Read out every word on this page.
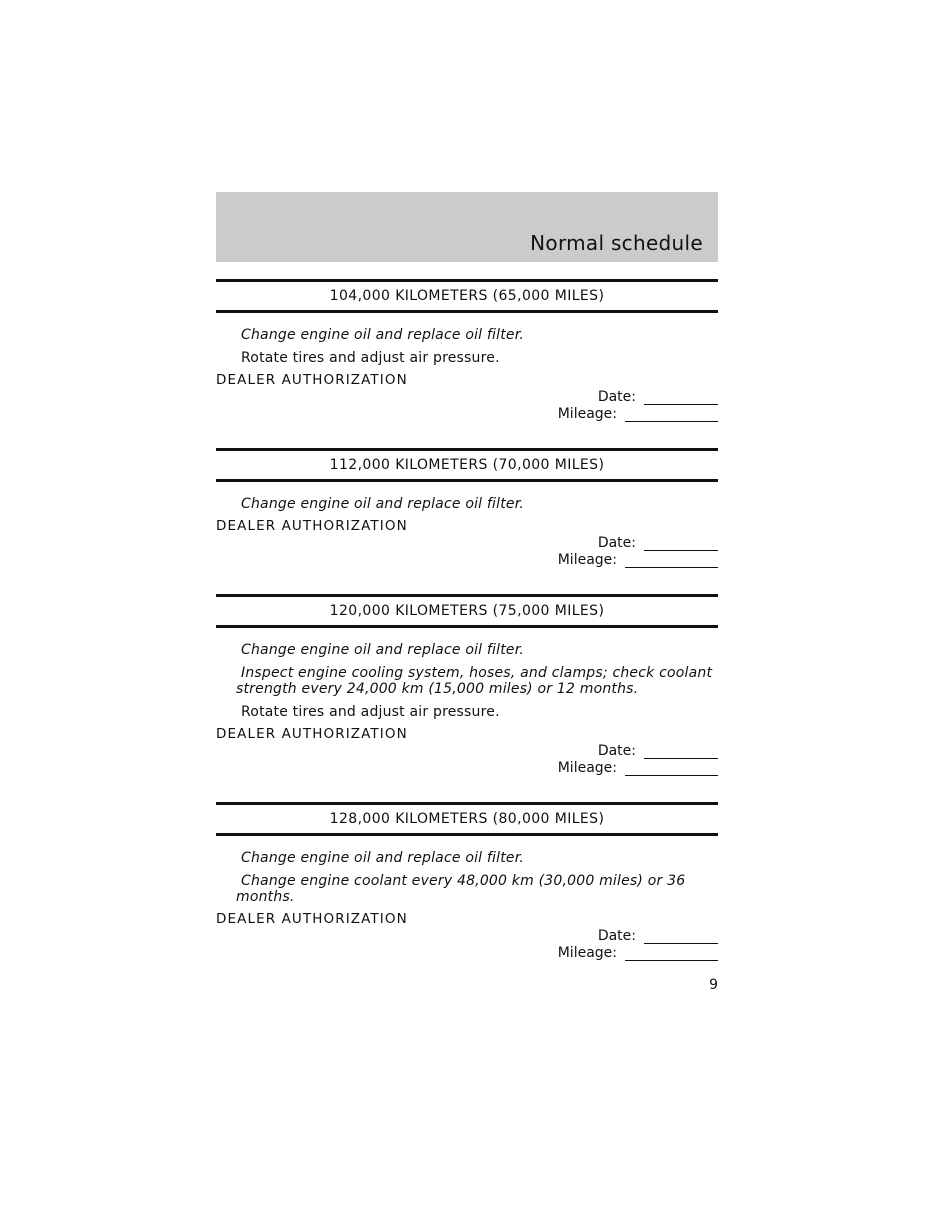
Normal schedule
104,000 KILOMETERS (65,000 MILES)
Change engine oil and replace oil filter.
Rotate tires and adjust air pressure.
DEALER AUTHORIZATION
Date:
Mileage:
112,000 KILOMETERS (70,000 MILES)
Change engine oil and replace oil filter.
DEALER AUTHORIZATION
Date:
Mileage:
120,000 KILOMETERS (75,000 MILES)
Change engine oil and replace oil filter.
Inspect engine cooling system, hoses, and clamps; check coolant strength every 24,000 km (15,000 miles) or 12 months.
Rotate tires and adjust air pressure.
DEALER AUTHORIZATION
Date:
Mileage:
128,000 KILOMETERS (80,000 MILES)
Change engine oil and replace oil filter.
Change engine coolant every 48,000 km (30,000 miles) or 36 months.
DEALER AUTHORIZATION
Date:
Mileage:
9
